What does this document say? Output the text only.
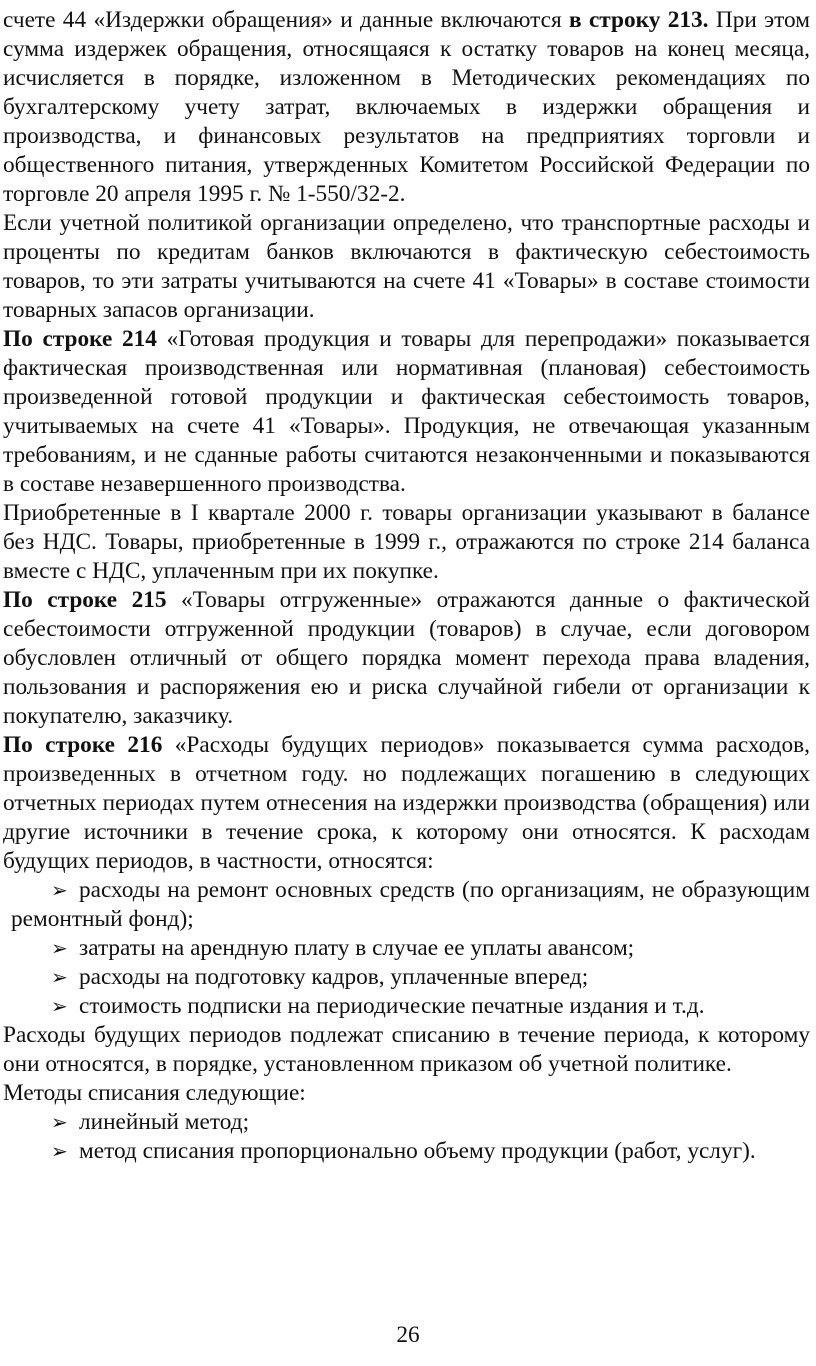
счете 44 «Издержки обращения» и данные включаются в строку 213. При этом сумма издержек обращения, относящаяся к остатку товаров на конец месяца, исчисляется в порядке, изложенном в Методических рекомендациях по бухгалтерскому учету затрат, включаемых в издержки обращения и производства, и финансовых результатов на предприятиях торговли и общественного питания, утвержденных Комитетом Российской Федерации по торговле 20 апреля 1995 г. № 1-550/32-2.

Если учетной политикой организации определено, что транспортные расходы и проценты по кредитам банков включаются в фактическую себестоимость товаров, то эти затраты учитываются на счете 41 «Товары» в составе стоимости товарных запасов организации.

По строке 214 «Готовая продукция и товары для перепродажи» показывается фактическая производственная или нормативная (плановая) себестоимость произведенной готовой продукции и фактическая себестоимость товаров, учитываемых на счете 41 «Товары». Продукция, не отвечающая указанным требованиям, и не сданные работы считаются незаконченными и показываются в составе незавершенного производства.

Приобретенные в I квартале 2000 г. товары организации указывают в балансе без НДС. Товары, приобретенные в 1999 г., отражаются по строке 214 баланса вместе с НДС, уплаченным при их покупке.

По строке 215 «Товары отгруженные» отражаются данные о фактической себестоимости отгруженной продукции (товаров) в случае, если договором обусловлен отличный от общего порядка момент перехода права владения, пользования и распоряжения ею и риска случайной гибели от организации к покупателю, заказчику.

По строке 216 «Расходы будущих периодов» показывается сумма расходов, произведенных в отчетном году. но подлежащих погашению в следующих отчетных периодах путем отнесения на издержки производства (обращения) или другие источники в течение срока, к которому они относятся. К расходам будущих периодов, в частности, относятся:

➢ расходы на ремонт основных средств (по организациям, не образующим ремонтный фонд);

➢ затраты на арендную плату в случае ее уплаты авансом;

➢ расходы на подготовку кадров, уплаченные вперед;

➢ стоимость подписки на периодические печатные издания и т.д.

Расходы будущих периодов подлежат списанию в течение периода, к которому они относятся, в порядке, установленном приказом об учетной политике.

Методы списания следующие:

➢ линейный метод;

➢ метод списания пропорционально объему продукции (работ, услуг).

26
